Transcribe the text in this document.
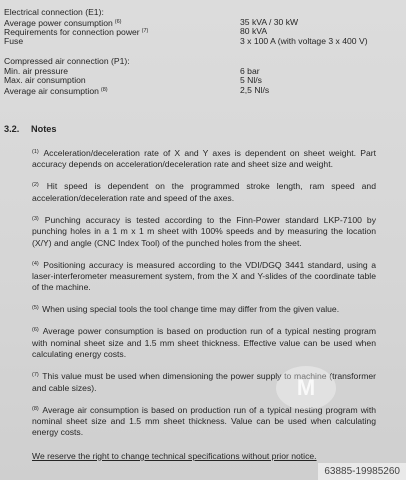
Electrical connection (E1):
Average power consumption $^{(6)}$	35 kVA / 30 kW
Requirements for connection power $^{(7)}$	80 kVA
Fuse	3 x 100 A (with voltage 3 x 400 V)
Compressed air connection (P1):
Min. air pressure	6 bar
Max. air consumption	5 Nl/s
Average air consumption $^{(8)}$	2,5 Nl/s
3.2. Notes

$^{(1)}$ Acceleration/deceleration rate of X and Y axes is dependent on sheet weight. Part accuracy depends on acceleration/deceleration rate and sheet size and weight.

$^{(2)}$ Hit speed is dependent on the programmed stroke length, ram speed and acceleration/deceleration rate and speed of the axes.

$^{(3)}$ Punching accuracy is tested according to the Finn-Power standard LKP-7100 by punching holes in a 1 m x 1 m sheet with 100% speeds and by measuring the location (X/Y) and angle (CNC Index Tool) of the punched holes from the sheet.

$^{(4)}$ Positioning accuracy is measured according to the VDI/DGQ 3441 standard, using a laser-interferometer measurement system, from the X and Y-slides of the coordinate table of the machine.

$^{(5)}$ When using special tools the tool change time may differ from the given value.

$^{(6)}$ Average power consumption is based on production run of a typical nesting program with nominal sheet size and 1.5 mm sheet thickness. Effective value can be used when calculating energy costs.

$^{(7)}$ This value must be used when dimensioning the power supply to machine (transformer and cable sizes).

$^{(8)}$ Average air consumption is based on production run of a typical nesting program with nominal sheet size and 1.5 mm sheet thickness. Value can be used when calculating energy costs.

We reserve the right to change technical specifications without prior notice.

M
63885-19985260
